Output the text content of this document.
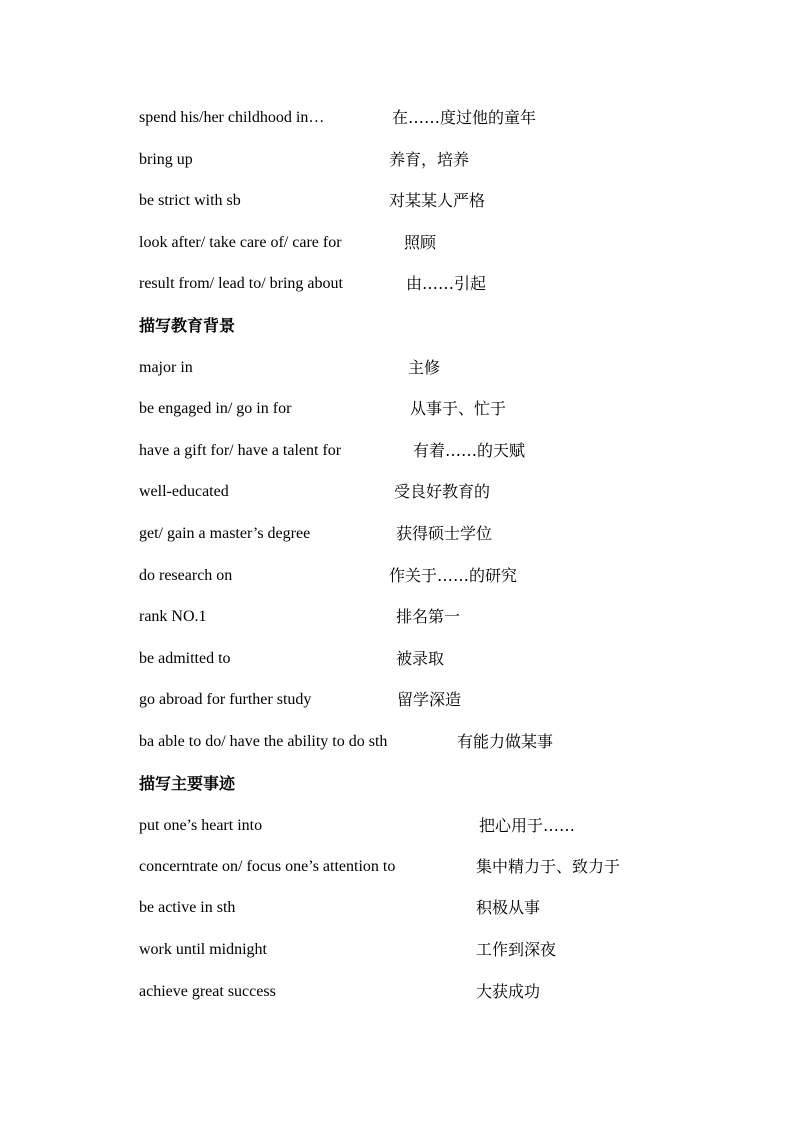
spend his/her childhood in…	在……度过他的童年
bring up	养育，培养
be strict with sb	对某某人严格
look after/ take care of/ care for	照顾
result from/ lead to/ bring about	由……引起
描写教育背景
major in	主修
be engaged in/ go in for	从事于、忙于
have a gift for/ have a talent for	有着……的天赋
well-educated	受良好教育的
get/ gain a master’s degree	获得硕士学位
do research on	作关于……的研究
rank NO.1	排名第一
be admitted to	被录取
go abroad for further study	留学深造
ba able to do/ have the ability to do sth	有能力做某事
描写主要事迹
put one’s heart into	把心用于……
concerntrate on/ focus one’s attention to	集中精力于、致力于
be active in sth	积极从事
work until midnight	工作到深夜
achieve great success	大获成功
